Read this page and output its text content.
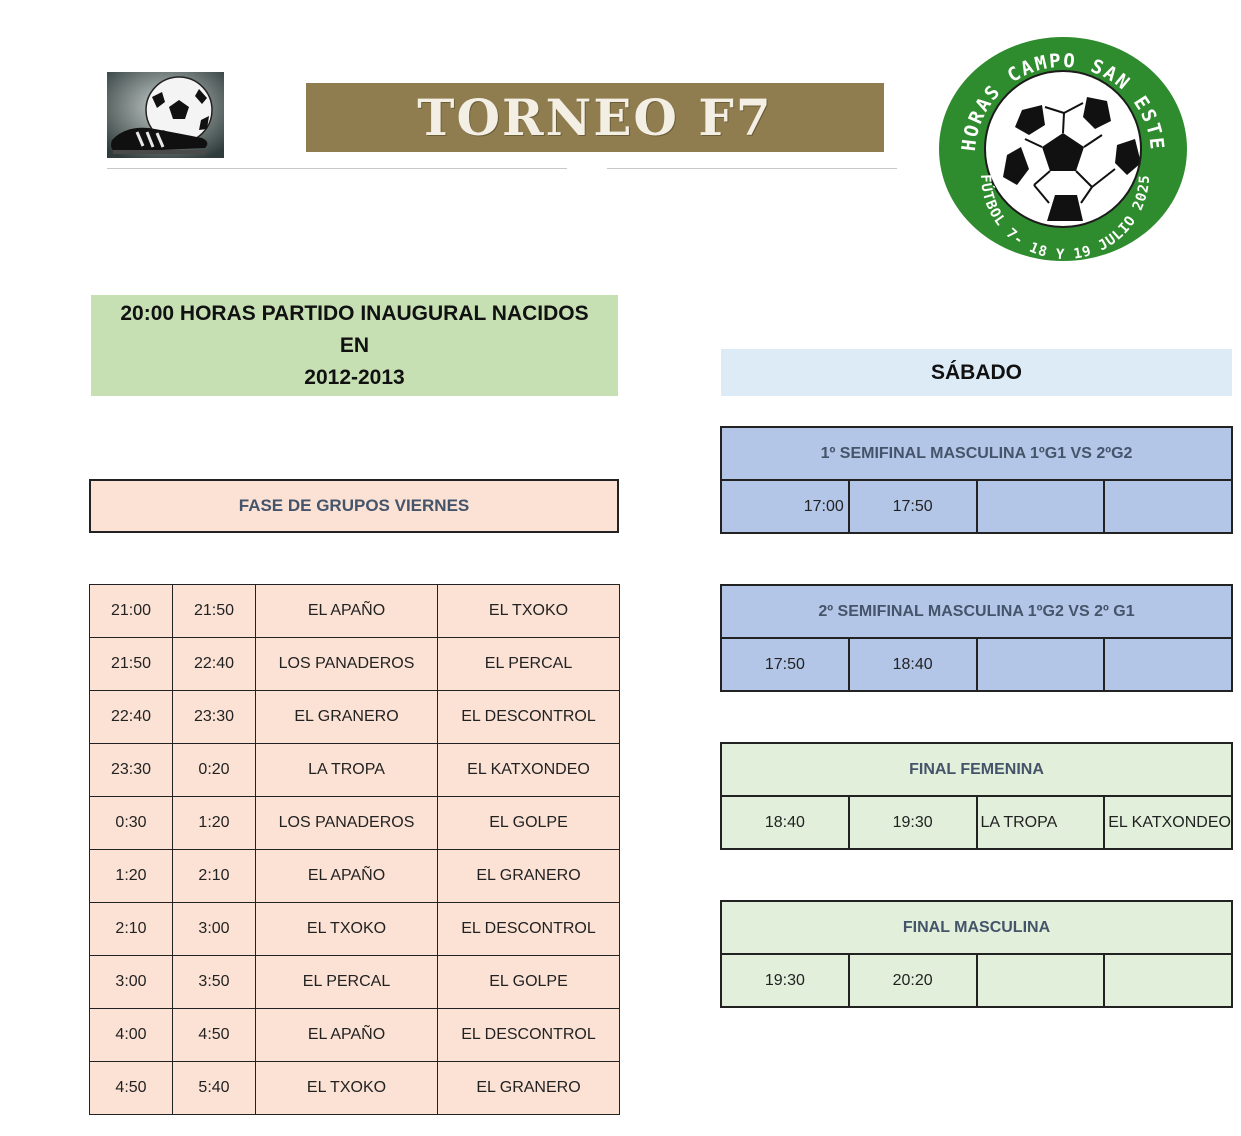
TORNEO F7	HORAS CAMPO SAN ESTE
FÚTBOL 7- 18 Y 19 JULIO 2025
20:00 HORAS PARTIDO INAUGURAL NACIDOS EN
2012-2013	SÁBADO
FASE DE GRUPOS VIERNES
21:00	21:50	EL APAÑO	EL TXOKO
21:50	22:40	LOS PANADEROS	EL PERCAL
22:40	23:30	EL GRANERO	EL DESCONTROL
23:30	0:20	LA TROPA	EL KATXONDEO
0:30	1:20	LOS PANADEROS	EL GOLPE
1:20	2:10	EL APAÑO	EL GRANERO
2:10	3:00	EL TXOKO	EL DESCONTROL
3:00	3:50	EL PERCAL	EL GOLPE
4:00	4:50	EL APAÑO	EL DESCONTROL
4:50	5:40	EL TXOKO	EL GRANERO
1º SEMIFINAL MASCULINA 1ºG1 VS 2ºG2
17:00	17:50		
2º SEMIFINAL MASCULINA 1ºG2 VS 2º G1
17:50	18:40		
FINAL FEMENINA
18:40	19:30	LA TROPA	EL KATXONDEO
FINAL MASCULINA
19:30	20:20		
